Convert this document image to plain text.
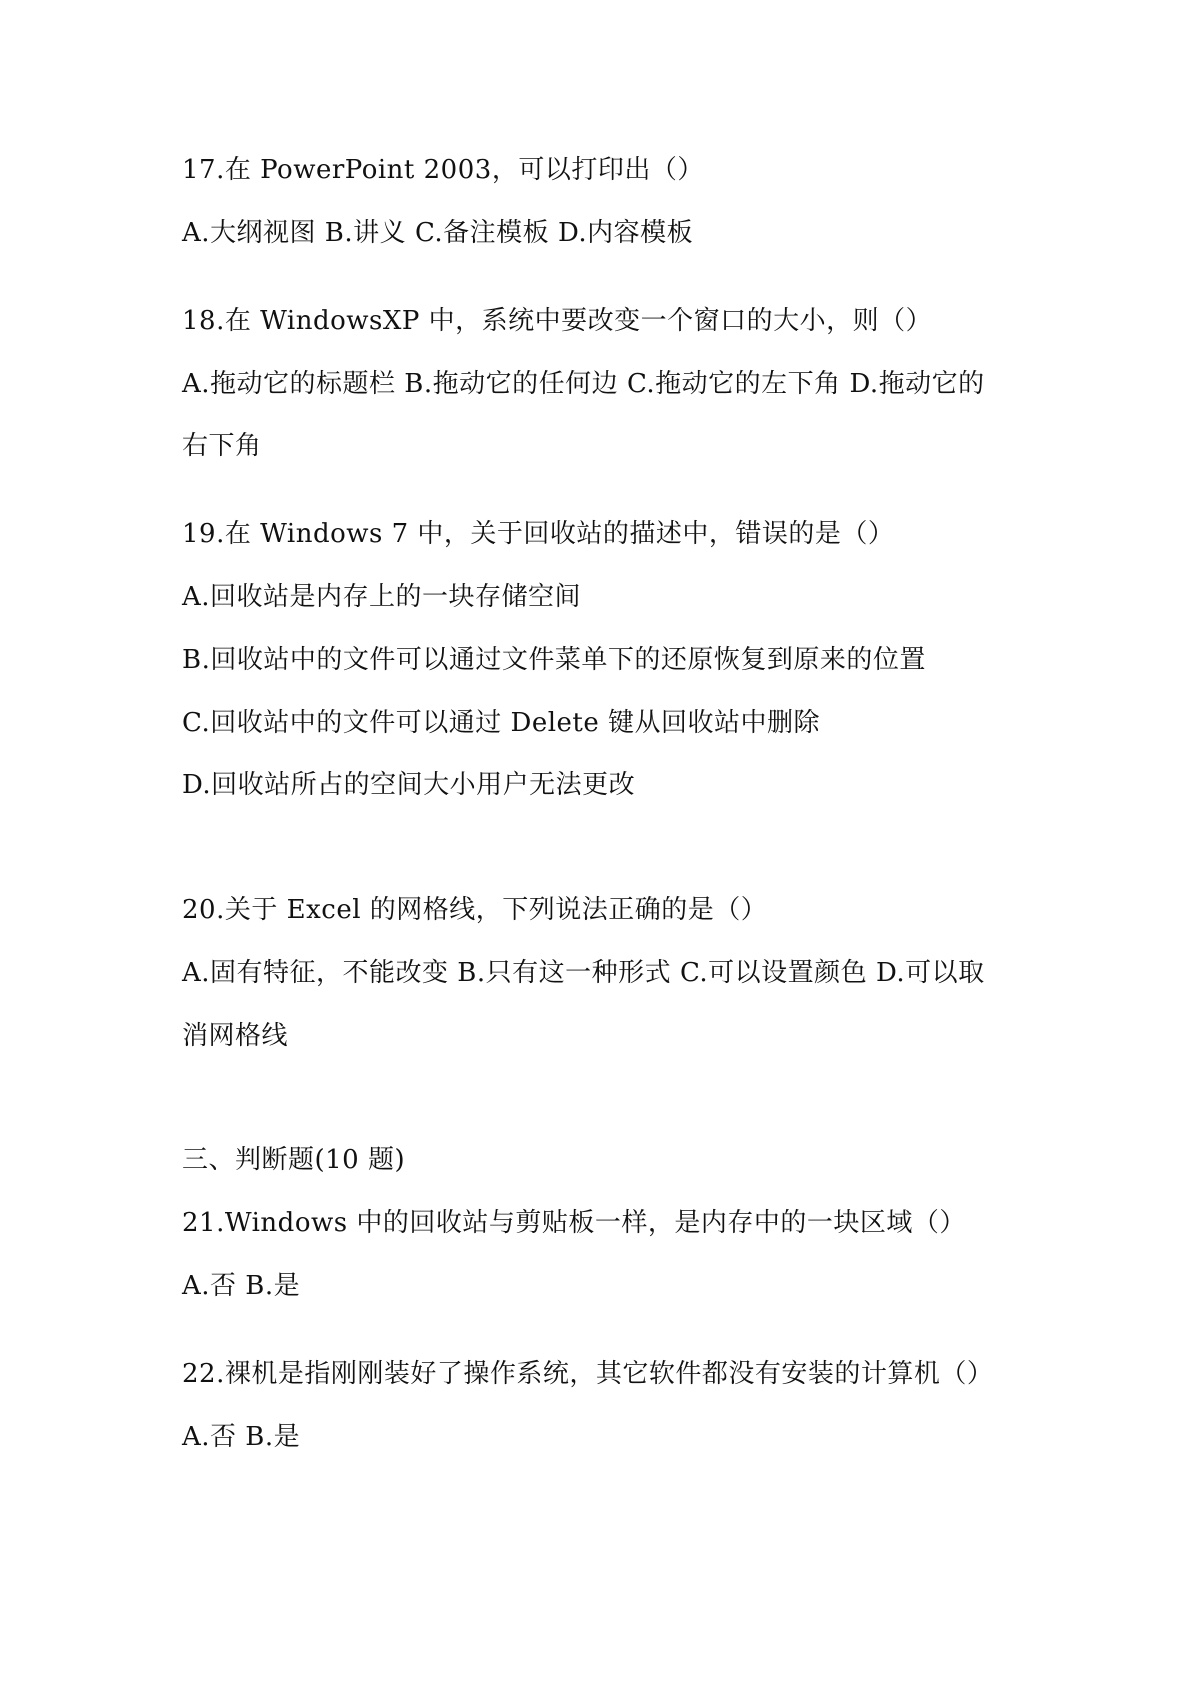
17.在 PowerPoint 2003，可以打印出（）
A.大纲视图 B.讲义 C.备注模板 D.内容模板
18.在 WindowsXP 中，系统中要改变一个窗口的大小，则（）
A.拖动它的标题栏 B.拖动它的任何边 C.拖动它的左下角 D.拖动它的
右下角
19.在 Windows 7 中，关于回收站的描述中，错误的是（）
A.回收站是内存上的一块存储空间
B.回收站中的文件可以通过文件菜单下的还原恢复到原来的位置
C.回收站中的文件可以通过 Delete 键从回收站中删除
D.回收站所占的空间大小用户无法更改
20.关于 Excel 的网格线，下列说法正确的是（）
A.固有特征，不能改变 B.只有这一种形式 C.可以设置颜色 D.可以取
消网格线
三、判断题(10 题)
21.Windows 中的回收站与剪贴板一样，是内存中的一块区域（）
A.否 B.是
22.裸机是指刚刚装好了操作系统，其它软件都没有安装的计算机（）
A.否 B.是
